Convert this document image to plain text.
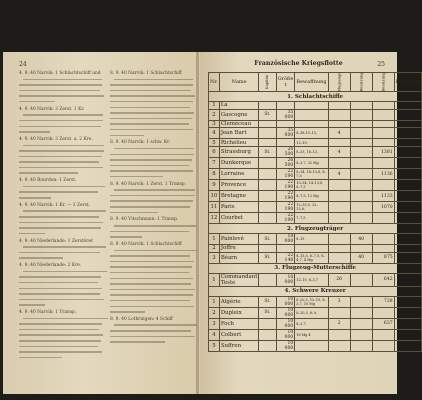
24
4. 9. 40 Narvik: 1 Schlachtschiff und
4. 9. 40 Narvik: 3 Zerst. 1 Kr.
4. 9. 40 Narvik: 3 Zerst. a. 2 Kre.
4. 9. 40 Bourdon: 1 Zerst.
4. 9. 40 Narvik: 1 Kr. — 3 Zerst.
4. 9. 40 Niederlande: 1 Zerstörer
4. 9. 40 Niederlande: 2 Kre.
4. 9. 40 Narvik: 1 Transp.
8. 9. 40 Narvik: 1 Schlachtschiff
8. 9. 40 Narvik: 1 schw. Kr.
8. 9. 40 Narvik: 1 Zerst. 1 Transp.
8. 9. 40 Vitschmann: 1 Transp.
8. 9. 40 Narvik: 1 Schlachtschiff
8. 9. 40 Lothringen: 4 Schiff
25
Französische Kriegsflotte
Nr.	Name	Kapitän	Größe t	Bewaffnung	Flugzeuge	Besatzung	Besatzung	Bemerkg.
1. Schlachtschiffe								
1	La							
2	Gascogne	St.	35 000					
3	Cleméceau							
4	Jean Bart		35 000	8–38,15–15,	4			
5	Richelieu			12–10,				
6	Strassburg	St.	26 500	8–33, 16–13,	4		1381	
7	Dunkerque		26 500	8–3,7, 32 Mg				
8	Lorraine		22 190	8–34, 14–13,8, 8–7,5	4		1136	
9	Provence		22 190	10–34, 14–13,8, 8–7,5				
10	Bretagne		22 190	8–7,5, 12 Mg			1133	
11	Paris		22 190	12–30,5, 22–13,8,			1070	
12	Courbet		22 190	7–7,5				
2. Flugzeugträger								
1	Painlevé	St.	18 000	8–15		40		
2	Joffre							
3	Béarn	St.	22 146	8–15,5, 6–7,5, 8–4,7, 4 Mg		40	875	
3. Flugzeug-Mutterschiffe								
1	Commandant Teste		10 000	12–10, 8–3,7	26		642	
4. Schwere Kreuzer								
1	Algérie	St.	10 000	8–20,3, 12–10, 8–3,7, 10 Mg	3		728	
2	Dupleix	St.	10 000	8–20,3, 8–9,				
3	Foch		10 000	8–3,7,	2		637	
4	Colbert		10 000	16 Mg 4				
5	Suffren		10 000					
